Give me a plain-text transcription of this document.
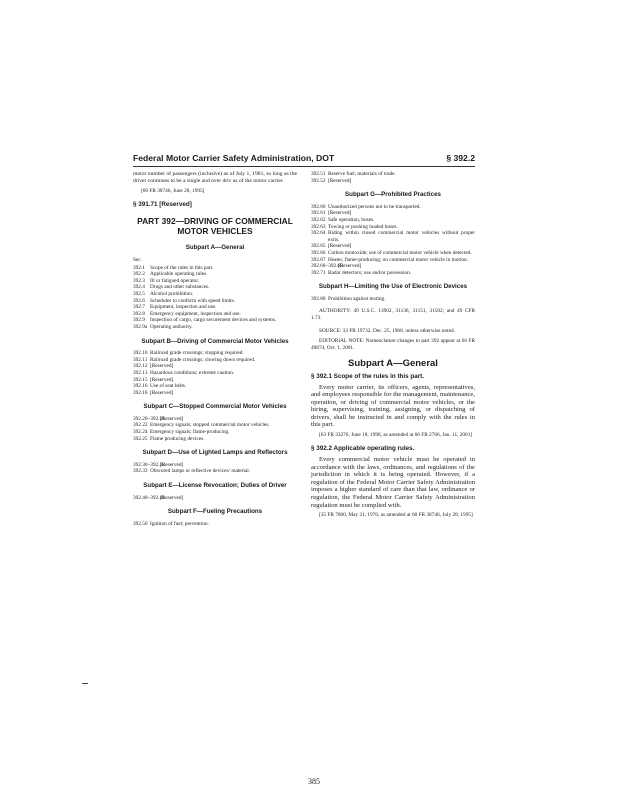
Federal Motor Carrier Safety Administration, DOT	§ 392.2

motor number of passengers (inclusive) as of July 1, 1981, so long as the driver continues to be a single and over driv as of the motor carrier.

[60 FR 38746, June 28, 1995]

§ 391.71 [Reserved]
PART 392—DRIVING OF COMMERCIAL MOTOR VEHICLES
Subpart A—General

Sec.

392.1 Scope of the rules in this part.

392.2 Applicable operating rules.

392.3 Ill or fatigued operator.

392.4 Drugs and other substances.

392.5 Alcohol prohibition.

392.6 Schedules to conform with speed limits.

392.7 Equipment, inspection and use.

392.8 Emergency equipment, inspection and use.

392.9 Inspection of cargo, cargo securement devices and systems.

392.9a Operating authority.

Subpart B—Driving of Commercial Motor Vehicles

392.10 Railroad grade crossings; stopping required.

392.11 Railroad grade crossings; slowing down required.

392.12 [Reserved]

392.13 Hazardous conditions; extreme caution.

392.15 [Reserved]

392.16 Use of seat belts.

392.18 [Reserved]

Subpart C—Stopped Commercial Motor Vehicles

392.20–392.21
[Reserved]

392.22 Emergency signals; stopped commercial motor vehicles.

392.24 Emergency signals; flame-producing.

392.25 Flame producing devices.

Subpart D—Use of Lighted Lamps and Reflectors

392.30–392.32
[Reserved]

392.33 Obscured lamps or reflective devices/ material.

Subpart E—License Revocation; Duties of Driver

392.40–392.41
[Reserved]

Subpart F—Fueling Precautions

392.50 Ignition of fuel; prevention.

392.51 Reserve fuel; materials of trade.

392.52 [Reserved]

Subpart G—Prohibited Practices

392.60 Unauthorized persons not to be transported.

392.61 [Reserved]

392.62 Safe operation, buses.

392.63 Towing or pushing loaded buses.

392.64 Riding within closed commercial motor vehicles without proper exits.

392.65 [Reserved]

392.66 Carbon monoxide; use of commercial motor vehicle when detected.

392.67 Heater, flame-producing; on commercial motor vehicle in motion.

392.68–392.69
[Reserved]

392.71 Radar detectors; use and/or possession.

Subpart H—Limiting the Use of Electronic Devices

392.80 Prohibition against texting.

AUTHORITY: 49 U.S.C. 13902, 31136, 31151, 31502; and 49 CFR 1.73.

SOURCE: 33 FR 19732, Dec. 25, 1968, unless otherwise noted.

EDITORIAL NOTE: Nomenclature changes to part 392 appear at 66 FR 49874, Oct. 1, 2001.

Subpart A—General
§ 392.1 Scope of the rules in this part.

Every motor carrier, its officers, agents, representatives, and employees responsible for the management, maintenance, operation, or driving of commercial motor vehicles, or the hiring, supervising, training, assigning, or dispatching of drivers, shall be instructed in and comply with the rules in this part.

[63 FR 33276, June 18, 1998, as amended at 66 FR 2766, Jan. 11, 2001]

§ 392.2 Applicable operating rules.

Every commercial motor vehicle must be operated in accordance with the laws, ordinances, and regulations of the jurisdiction in which it is being operated. However, if a regulation of the Federal Motor Carrier Safety Administration imposes a higher standard of care than that law, ordinance or regulation, the Federal Motor Carrier Safety Administration regulation must be complied with.

[35 FR 7800, May 21, 1970, as amended at 60 FR 38746, July 28, 1995]

385
